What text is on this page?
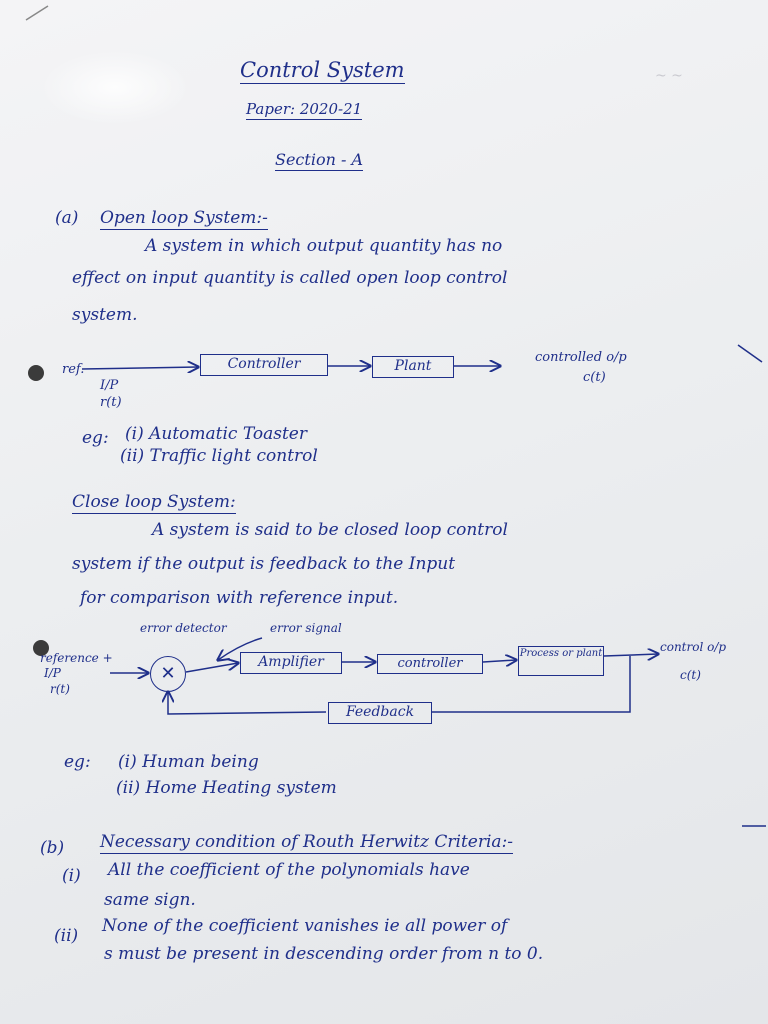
~ ~
Control System
Paper: 2020-21
Section - A
(a) Open loop System:-
A system in which output quantity has no
effect on input quantity is called open loop control
system.
ref.
I/P
r(t)
Controller	Plant
controlled o/p
c(t)
eg: (i) Automatic Toaster
(ii) Traffic light control
Close loop System:
A system is said to be closed loop control
system if the output is feedback to the Input
for comparison with reference input.
error detector	error signal
reference +
I/P
r(t)
✕
Amplifier	controller
Process or plant	control o/p
c(t)
Feedback
eg: (i) Human being
(ii) Home Heating system
(b) Necessary condition of Routh Herwitz Criteria:-
(i) All the coefficient of the polynomials have
same sign.
(ii) None of the coefficient vanishes ie all power of
s must be present in descending order from n to 0.
